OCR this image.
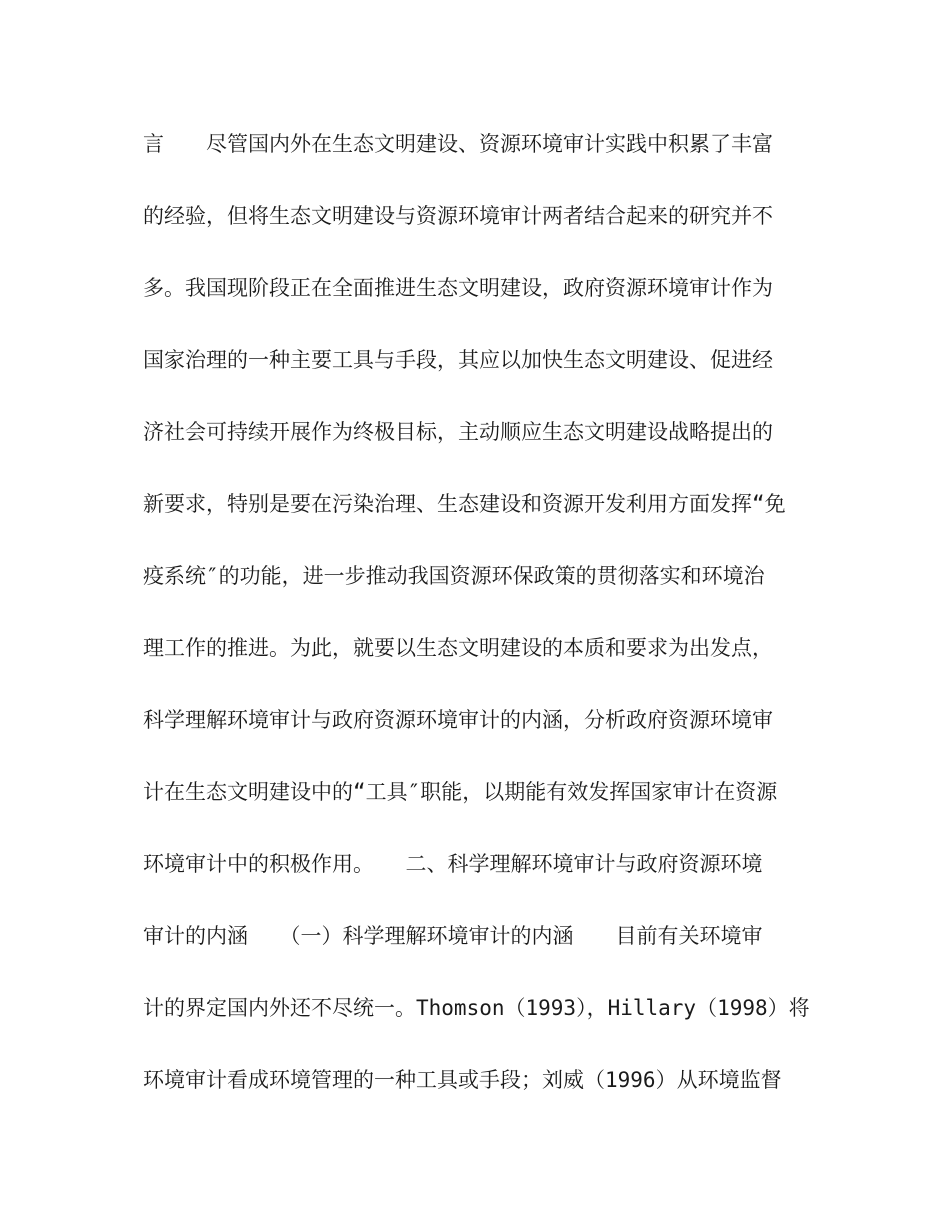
言　　尽管国内外在生态文明建设、资源环境审计实践中积累了丰富
的经验，但将生态文明建设与资源环境审计两者结合起来的研究并不
多。我国现阶段正在全面推进生态文明建设，政府资源环境审计作为
国家治理的一种主要工具与手段，其应以加快生态文明建设、促进经
济社会可持续开展作为终极目标，主动顺应生态文明建设战略提出的
新要求，特别是要在污染治理、生态建设和资源开发利用方面发挥“免
疫系统″的功能，进一步推动我国资源环保政策的贯彻落实和环境治
理工作的推进。为此，就要以生态文明建设的本质和要求为出发点，
科学理解环境审计与政府资源环境审计的内涵，分析政府资源环境审
计在生态文明建设中的“工具″职能，以期能有效发挥国家审计在资源
环境审计中的积极作用。　　二、科学理解环境审计与政府资源环境
审计的内涵　　（一）科学理解环境审计的内涵　　目前有关环境审
计的界定国内外还不尽统一。Thomson（1993），Hillary（1998）将
环境审计看成环境管理的一种工具或手段；刘威（1996）从环境监督
